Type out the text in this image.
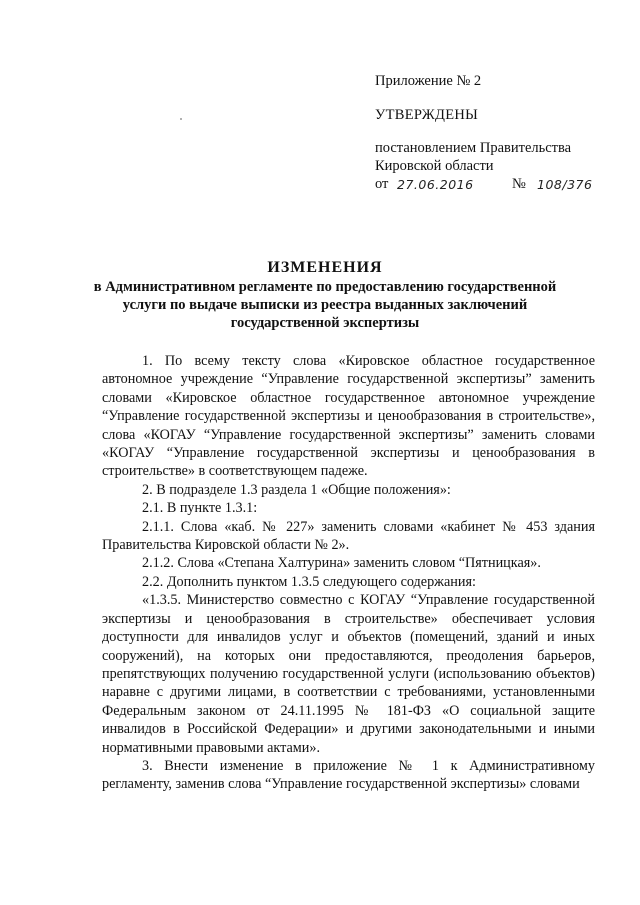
Приложение № 2

УТВЕРЖДЕНЫ

постановлением Правительства

Кировской области

от 27.06.2016	№ 108/376

ИЗМЕНЕНИЯ

в Административном регламенте по предоставлению государственной

услуги по выдаче выписки из реестра выданных заключений

государственной экспертизы

1. По всему тексту слова «Кировское областное государственное автономное учреждение “Управление государственной экспертизы” заменить словами «Кировское областное государственное автономное учреждение “Управление государственной экспертизы и ценообразования в строительстве», слова «КОГАУ “Управление государственной экспертизы” заменить словами «КОГАУ “Управление государственной экспертизы и ценообразования в строительстве» в соответствующем падеже.

2. В подразделе 1.3 раздела 1 «Общие положения»:

2.1. В пункте 1.3.1:

2.1.1. Слова «каб. № 227» заменить словами «кабинет № 453 здания Правительства Кировской области № 2».

2.1.2. Слова «Степана Халтурина» заменить словом “Пятницкая».

2.2. Дополнить пунктом 1.3.5 следующего содержания:

«1.3.5. Министерство совместно с КОГАУ “Управление государственной экспертизы и ценообразования в строительстве» обеспечивает условия доступности для инвалидов услуг и объектов (помещений, зданий и иных сооружений), на которых они предоставляются, преодоления барьеров, препятствующих получению государственной услуги (использованию объектов) наравне с другими лицами, в соответствии с требованиями, установленными Федеральным законом от 24.11.1995 № 181-ФЗ «О социальной защите инвалидов в Российской Федерации» и другими законодательными и иными нормативными правовыми актами».

3. Внести изменение в приложение № 1 к Административному регламенту, заменив слова “Управление государственной экспертизы» словами
